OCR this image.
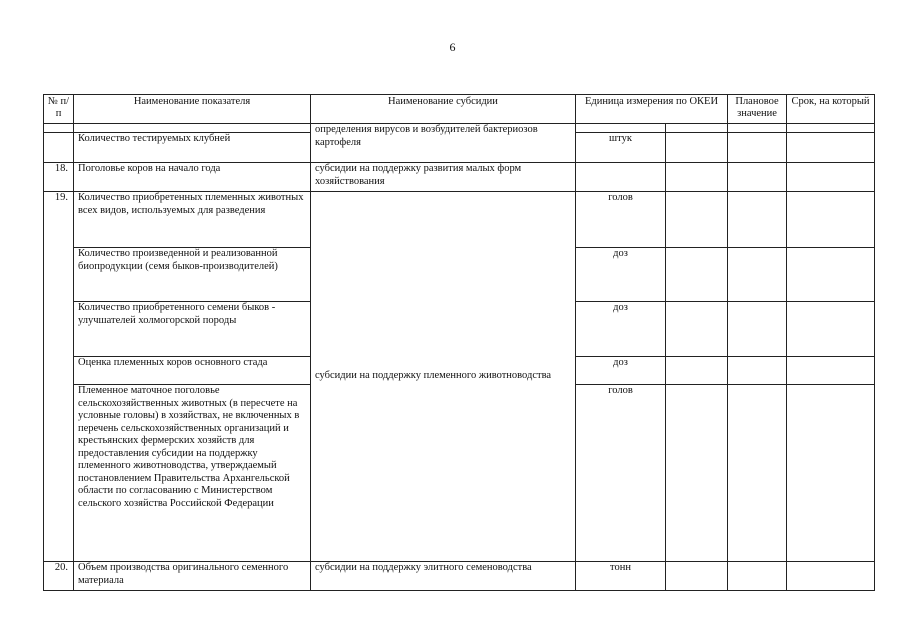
6
№ п/п	Наименование показателя	Наименование субсидии	Единица измерения по ОКЕИ		Плановое значение	Срок, на который
		определения вирусов и возбудителей бактериозов картофеля				
	Количество тестируемых клубней		штук			
18.	Поголовье коров на начало года	субсидии на поддержку развития малых форм хозяйствования				
19.	Количество приобретенных племенных животных всех видов, используемых для разведения	субсидии на поддержку племенного животноводства	голов			
	Количество произведенной и реализованной биопродукции (семя быков-производителей)		доз			
	Количество приобретенного семени быков - улучшателей холмогорской породы		доз			
	Оценка племенных коров основного стада		доз			
	Племенное маточное поголовье сельскохозяйственных животных (в пересчете на условные головы) в хозяйствах, не включенных в перечень сельскохозяйственных организаций и крестьянских фермерских хозяйств для предоставления субсидии на поддержку племенного животноводства, утверждаемый постановлением Правительства Архангельской области по согласованию с Министерством сельского хозяйства Российской Федерации		голов			
20.	Объем производства оригинального семенного материала	субсидии на поддержку элитного семеноводства	тонн			
